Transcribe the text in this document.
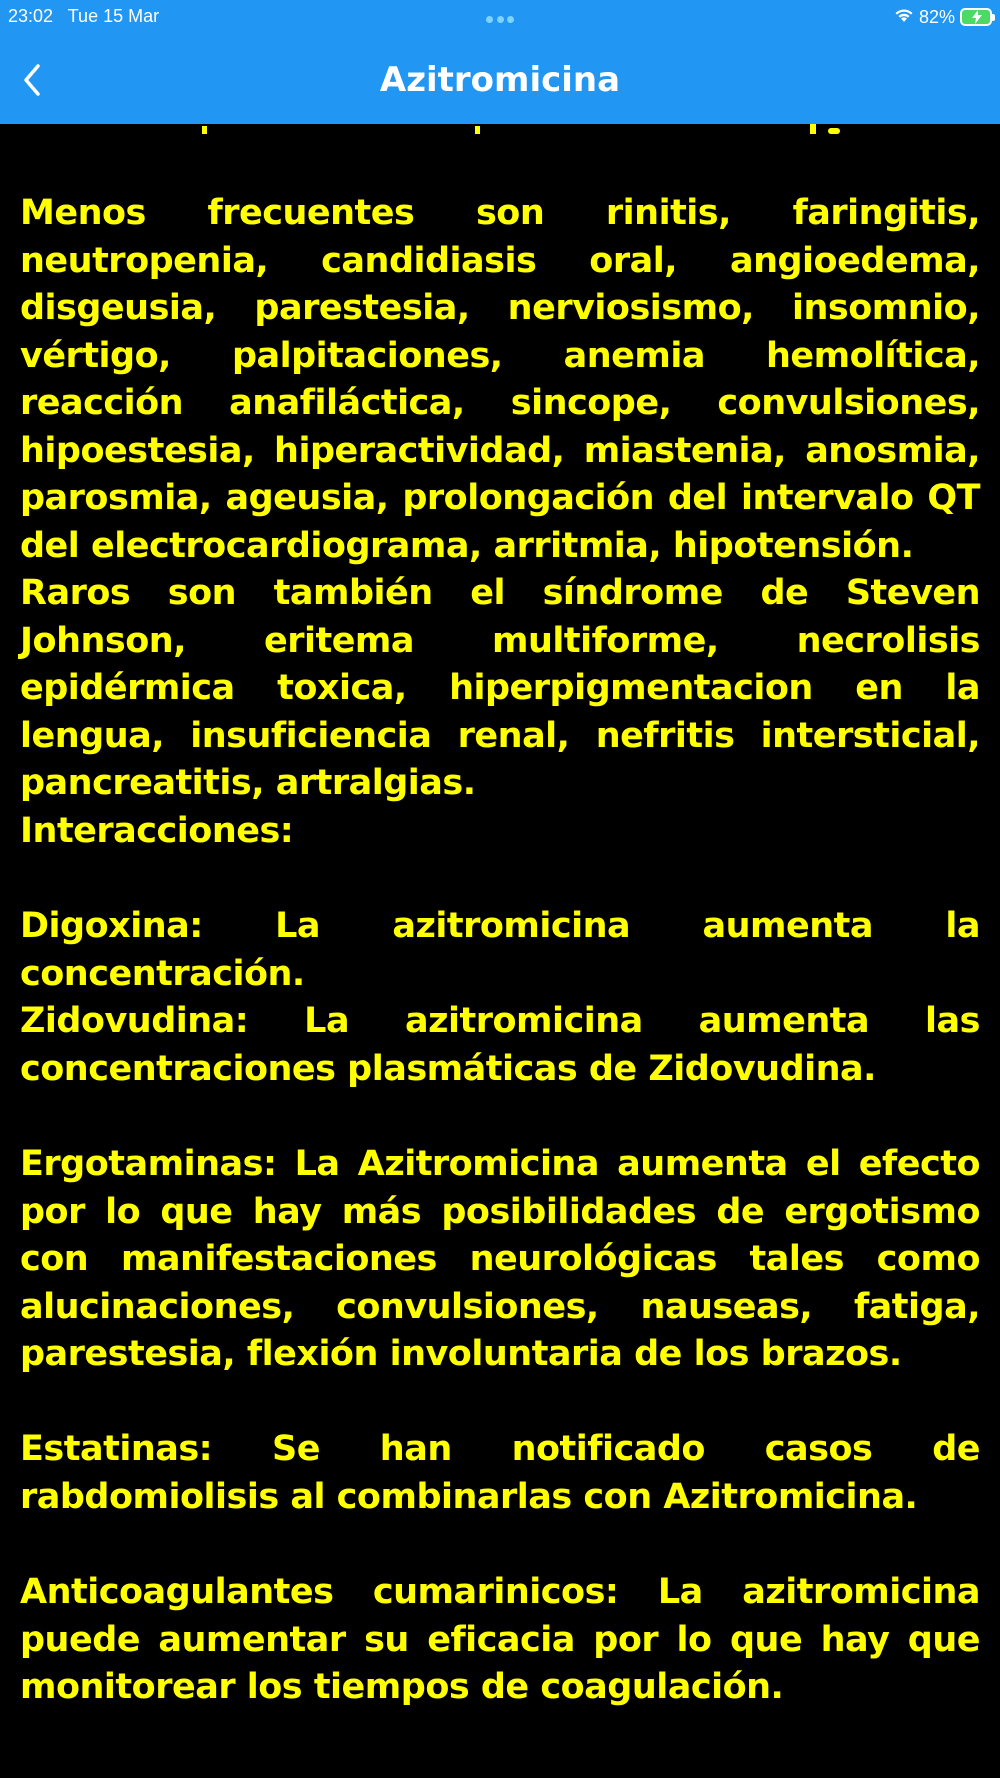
23:02 Tue 15 Mar	82%
Azitromicina

Menos frecuentes son rinitis, faringitis, neutropenia, candidiasis oral, angioedema, disgeusia, parestesia, nerviosismo, insomnio, vértigo, palpitaciones, anemia hemolítica, reacción anafiláctica, sincope, convulsiones, hipoestesia, hiperactividad, miastenia, anosmia, parosmia, ageusia, prolongación del intervalo QT del electrocardiograma, arritmia, hipotensión.

Raros son también el síndrome de Steven Johnson, eritema multiforme, necrolisis epidérmica toxica, hiperpigmentacion en la lengua, insuficiencia renal, nefritis intersticial, pancreatitis, artralgias.

Interacciones:

Digoxina: La azitromicina aumenta la concentración.

Zidovudina: La azitromicina aumenta las concentraciones plasmáticas de Zidovudina.

Ergotaminas: La Azitromicina aumenta el efecto por lo que hay más posibilidades de ergotismo con manifestaciones neurológicas tales como alucinaciones, convulsiones, nauseas, fatiga, parestesia, flexión involuntaria de los brazos.

Estatinas: Se han notificado casos de rabdomiolisis al combinarlas con Azitromicina.

Anticoagulantes cumarinicos: La azitromicina puede aumentar su eficacia por lo que hay que monitorear los tiempos de coagulación.
